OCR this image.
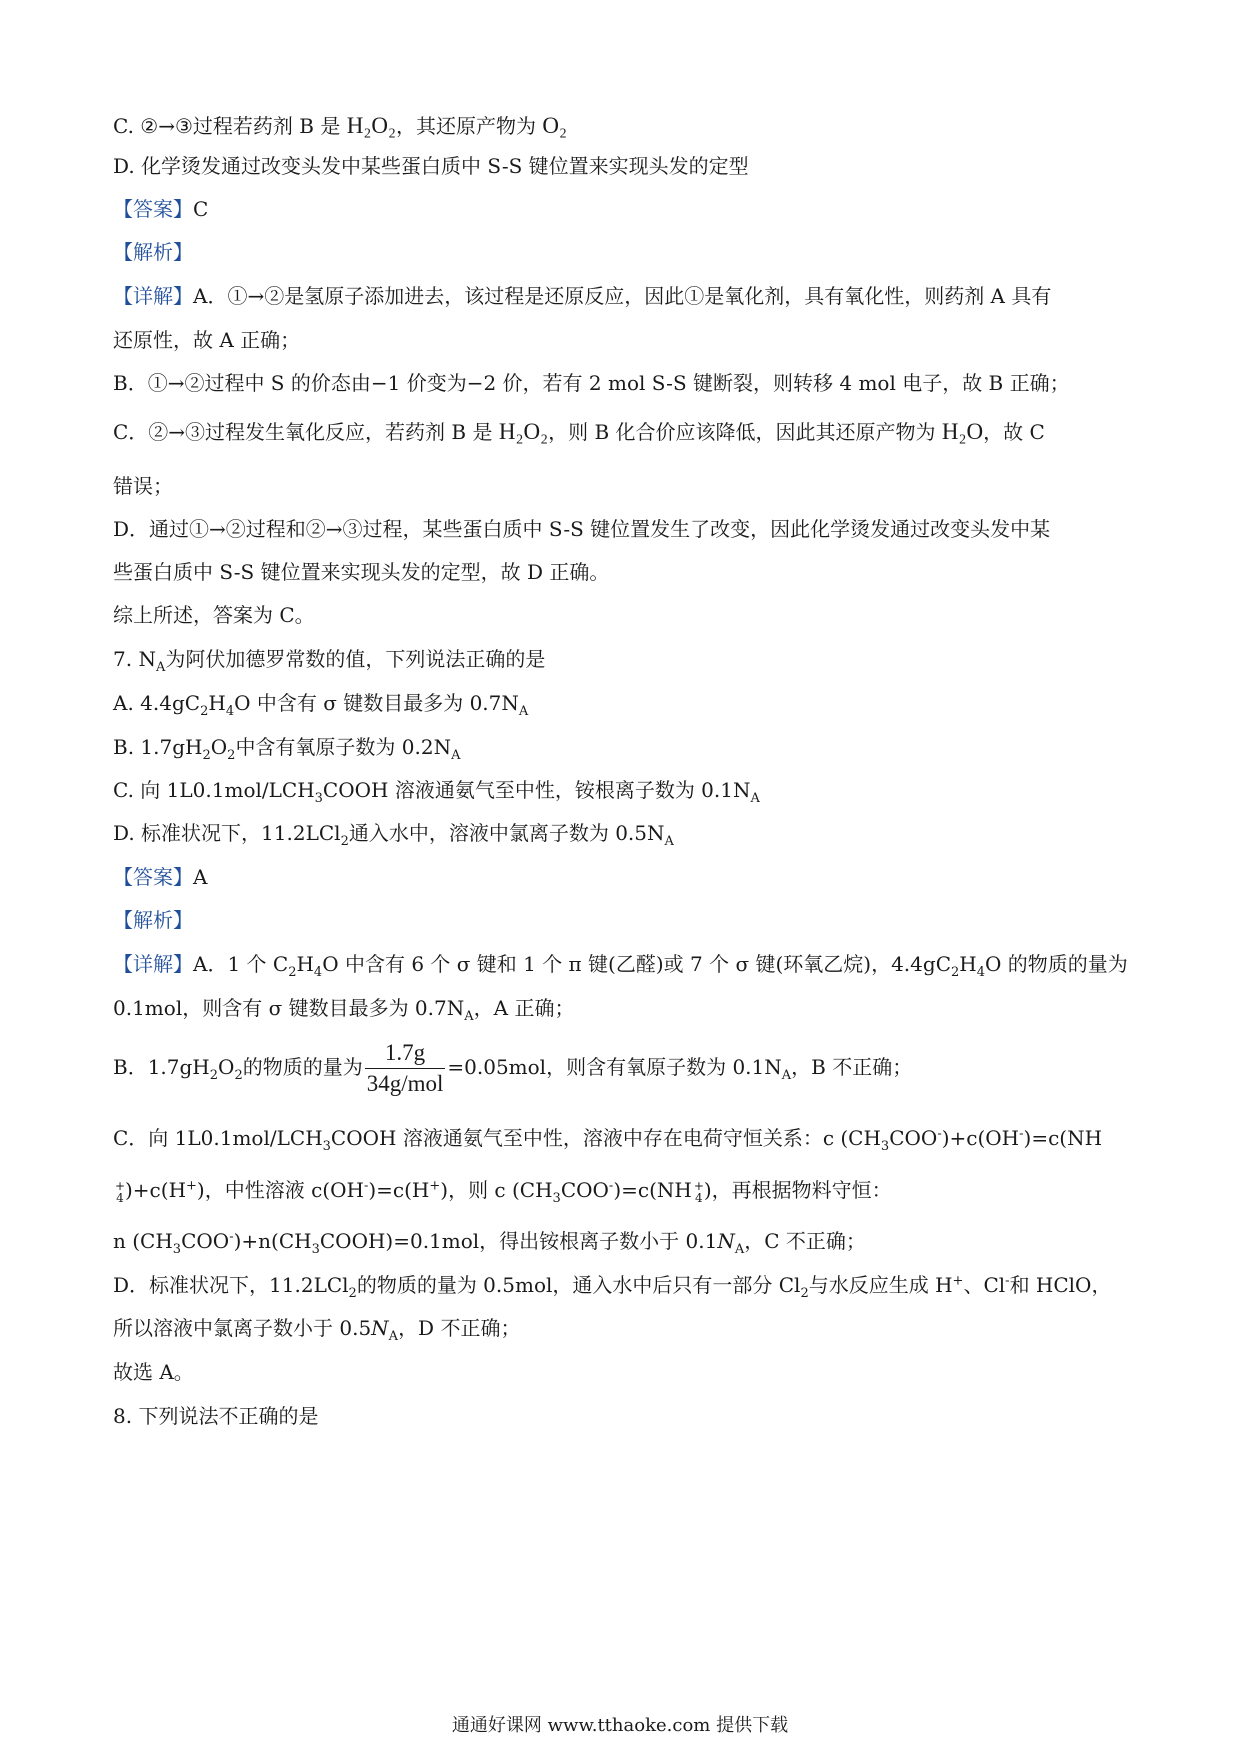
C. ②→③过程若药剂 B 是 H₂O₂，其还原产物为 O₂
D. 化学烫发通过改变头发中某些蛋白质中 S-S 键位置来实现头发的定型
【答案】C
【解析】
【详解】A．①→②是氢原子添加进去，该过程是还原反应，因此①是氧化剂，具有氧化性，则药剂 A 具有
还原性，故 A 正确；
B．①→②过程中 S 的价态由−1 价变为−2 价，若有 2 mol S-S 键断裂，则转移 4 mol 电子，故 B 正确；
C．②→③过程发生氧化反应，若药剂 B 是 H₂O₂，则 B 化合价应该降低，因此其还原产物为 H₂O，故 C
错误；
D．通过①→②过程和②→③过程，某些蛋白质中 S-S 键位置发生了改变，因此化学烫发通过改变头发中某
些蛋白质中 S-S 键位置来实现头发的定型，故 D 正确。
综上所述，答案为 C。
7. $N_A$为阿伏加德罗常数的值，下列说法正确的是
A. $4.4gC_2H_4O$ 中含有 σ 键数目最多为 $0.7N_A$
B. $1.7gH_2O_2$中含有氧原子数为 $0.2N_A$
C. 向 $1L0.1mol/LCH_3COOH$ 溶液通氨气至中性，铵根离子数为 $0.1N_A$
D. 标准状况下，11.2LCl$_2$通入水中，溶液中氯离子数为 $0.5N_A$
【答案】A
【解析】
【详解】A．1 个 $C_2H_4O$ 中含有 6 个 σ 键和 1 个 π 键(乙醛)或 7 个 σ 键(环氧乙烷)，$4.4gC_2H_4O$ 的物质的量为
0.1mol，则含有 σ 键数目最多为 $0.7N_A$，A 正确；
B．$1.7gH_2O_2$的物质的量为 $\frac{1.7g}{\text{34g/mol}} =0.05mol$，则含有氧原子数为 $0.1N_A$，B 不正确；
C．向 $1L0.1mol/LCH_3COOH$ 溶液通氨气至中性，溶液中存在电荷守恒关系：c $(CH_3COO^-)+c(OH^-)=c(NH$
+
4)+c(H+)，中性溶液 c(OH-)=c(H+)，则 c $(CH_3COO^-)=c(NH$ +
4)，再根据物料守恒：
n $(CH_3COO^-)+n(CH_3COOH)=0.1mol$，得出铵根离子数小于 $0.1N_A$，C 不正确；
D．标准状况下，11.2LCl$_2$的物质的量为 0.5mol，通入水中后只有一部分 $Cl_2$与水反应生成 H+、Cl-和 HClO，
所以溶液中氯离子数小于 $0.5N_A$，D 不正确；
故选 A。
8. 下列说法不正确的是
通通好课网 www.tthaoke.com 提供下载
